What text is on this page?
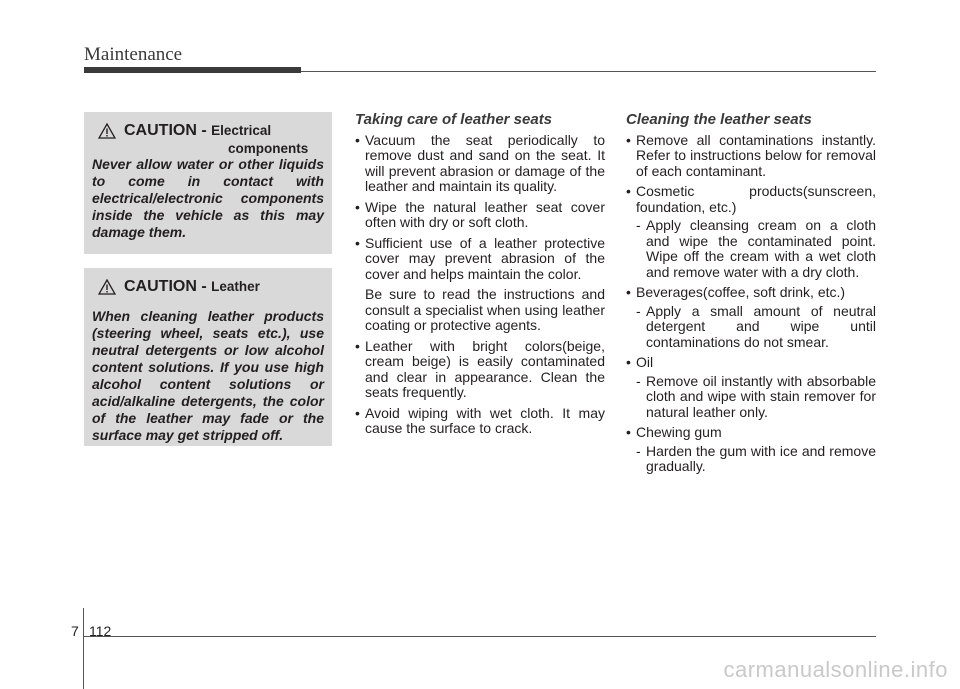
Maintenance
CAUTION - Electrical
components
Never allow water or other liquids to come in contact with electrical/electronic components inside the vehicle as this may damage them.
CAUTION - Leather
When cleaning leather products (steering wheel, seats etc.), use neutral detergents or low alcohol content solutions. If you use high alcohol content solutions or acid/alkaline detergents, the color of the leather may fade or the surface may get stripped off.
Taking care of leather seats
• Vacuum the seat periodically to remove dust and sand on the seat. It will prevent abrasion or damage of the leather and maintain its quality.
• Wipe the natural leather seat cover often with dry or soft cloth.
• Sufficient use of a leather protective cover may prevent abrasion of the cover and helps maintain the color.
Be sure to read the instructions and consult a specialist when using leather coating or protective agents.
• Leather with bright colors(beige, cream beige) is easily contaminated and clear in appearance. Clean the seats frequently.
• Avoid wiping with wet cloth. It may cause the surface to crack.
Cleaning the leather seats
• Remove all contaminations instantly. Refer to instructions below for removal of each contaminant.
• Cosmetic products(sunscreen, foundation, etc.)
- Apply cleansing cream on a cloth and wipe the contaminated point. Wipe off the cream with a wet cloth and remove water with a dry cloth.
• Beverages(coffee, soft drink, etc.)
- Apply a small amount of neutral detergent and wipe until contaminations do not smear.
• Oil
- Remove oil instantly with absorbable cloth and wipe with stain remover for natural leather only.
• Chewing gum
- Harden the gum with ice and remove gradually.
7 112
carmanualsonline.info
